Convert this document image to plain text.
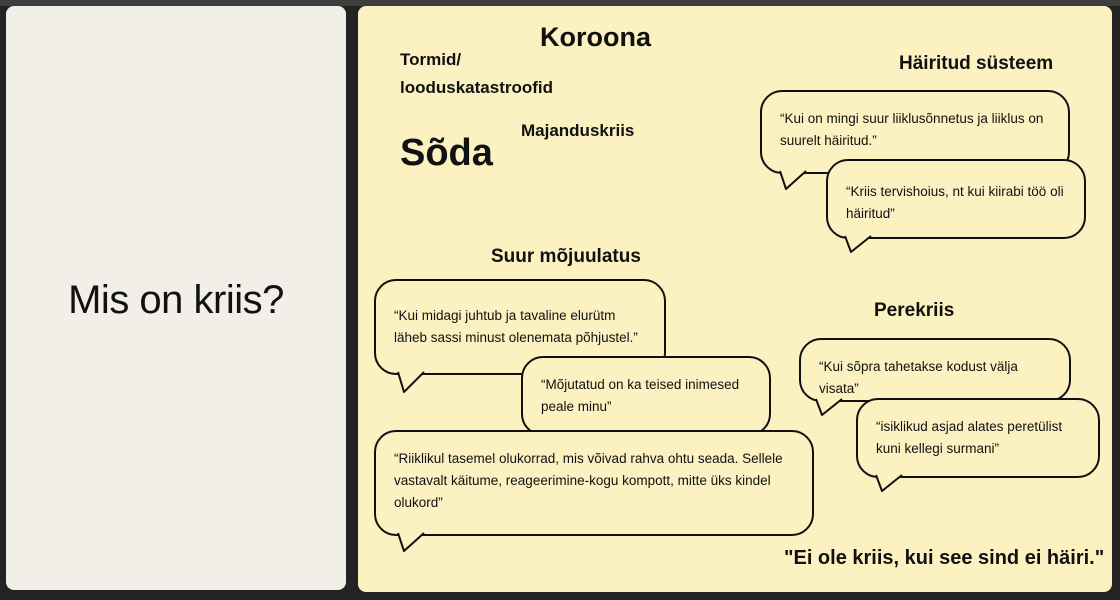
Mis on kriis?
Koroona
Tormid/
looduskatastroofid
Majanduskriis
Sõda
Häiritud süsteem
Suur mõjuulatus
Perekriis
“Kui on mingi suur liiklusõnnetus ja liiklus on suurelt häiritud.”
“Kriis tervishoius, nt kui kiirabi töö oli häiritud”
“Kui midagi juhtub ja tavaline elurütm läheb sassi minust olenemata põhjustel.”
“Mõjutatud on ka teised inimesed peale minu”
“Riiklikul tasemel olukorrad, mis võivad rahva ohtu seada. Sellele vastavalt käitume, reageerimine-kogu kompott, mitte üks kindel olukord”
“Kui sõpra tahetakse kodust välja visata”
“isiklikud asjad alates peretülist kuni kellegi surmani”
"Ei ole kriis, kui see sind ei häiri."
